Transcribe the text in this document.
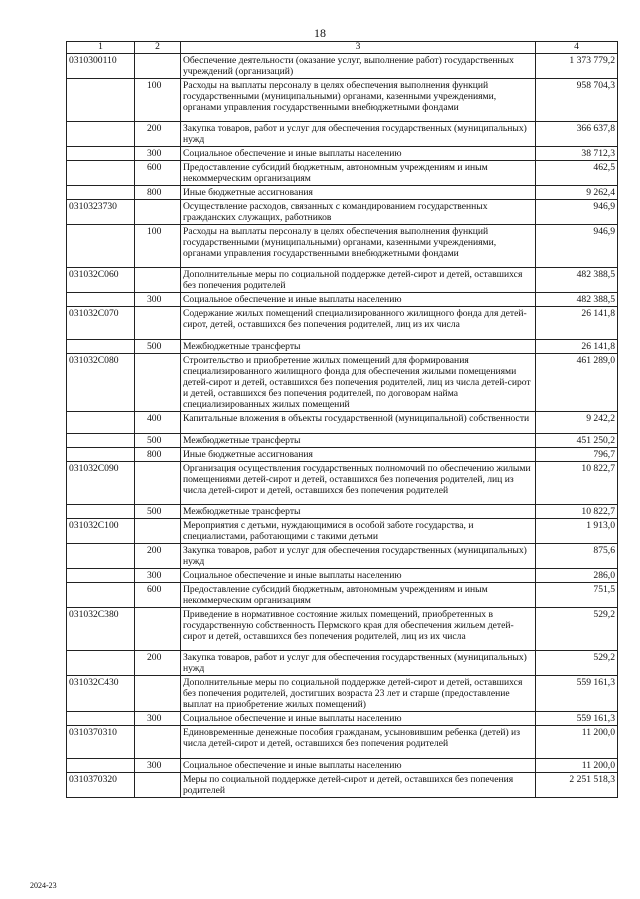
18
1	2	3	4
0310300110		Обеспечение деятельности (оказание услуг, выполнение работ) государственных учреждений (организаций)	1 373 779,2
	100	Расходы на выплаты персоналу в целях обеспечения выполнения функций государственными (муниципальными) органами, казенными учреждениями, органами управления государственными внебюджетными фондами	958 704,3
	200	Закупка товаров, работ и услуг для обеспечения государственных (муниципальных) нужд	366 637,8
	300	Социальное обеспечение и иные выплаты населению	38 712,3
	600	Предоставление субсидий бюджетным, автономным учреждениям и иным некоммерческим организациям	462,5
	800	Иные бюджетные ассигнования	9 262,4
0310323730		Осуществление расходов, связанных с командированием государственных гражданских служащих, работников	946,9
	100	Расходы на выплаты персоналу в целях обеспечения выполнения функций государственными (муниципальными) органами, казенными учреждениями, органами управления государственными внебюджетными фондами	946,9
031032С060		Дополнительные меры по социальной поддержке детей-сирот и детей, оставшихся без попечения родителей	482 388,5
	300	Социальное обеспечение и иные выплаты населению	482 388,5
031032С070		Содержание жилых помещений специализированного жилищного фонда для детей-сирот, детей, оставшихся без попечения родителей, лиц из их числа	26 141,8
	500	Межбюджетные трансферты	26 141,8
031032С080		Строительство и приобретение жилых помещений для формирования специализированного жилищного фонда для обеспечения жилыми помещениями детей-сирот и детей, оставшихся без попечения родителей, лиц из числа детей-сирот и детей, оставшихся без попечения родителей, по договорам найма специализированных жилых помещений	461 289,0
	400	Капитальные вложения в объекты государственной (муниципальной) собственности	9 242,2
	500	Межбюджетные трансферты	451 250,2
	800	Иные бюджетные ассигнования	796,7
031032С090		Организация осуществления государственных полномочий по обеспечению жилыми помещениями детей-сирот и детей, оставшихся без попечения родителей, лиц из числа детей-сирот и детей, оставшихся без попечения родителей	10 822,7
	500	Межбюджетные трансферты	10 822,7
031032С100		Мероприятия с детьми, нуждающимися в особой заботе государства, и специалистами, работающими с такими детьми	1 913,0
	200	Закупка товаров, работ и услуг для обеспечения государственных (муниципальных) нужд	875,6
	300	Социальное обеспечение и иные выплаты населению	286,0
	600	Предоставление субсидий бюджетным, автономным учреждениям и иным некоммерческим организациям	751,5
031032С380		Приведение в нормативное состояние жилых помещений, приобретенных в государственную собственность Пермского края для обеспечения жильем детей-сирот и детей, оставшихся без попечения родителей, лиц из их числа	529,2
	200	Закупка товаров, работ и услуг для обеспечения государственных (муниципальных) нужд	529,2
031032С430		Дополнительные меры по социальной поддержке детей-сирот и детей, оставшихся без попечения родителей, достигших возраста 23 лет и старше (предоставление выплат на приобретение жилых помещений)	559 161,3
	300	Социальное обеспечение и иные выплаты населению	559 161,3
0310370310		Единовременные денежные пособия гражданам, усыновившим ребенка (детей) из числа детей-сирот и детей, оставшихся без попечения родителей	11 200,0
	300	Социальное обеспечение и иные выплаты населению	11 200,0
0310370320		Меры по социальной поддержке детей-сирот и детей, оставшихся без попечения родителей	2 251 518,3
2024-23
